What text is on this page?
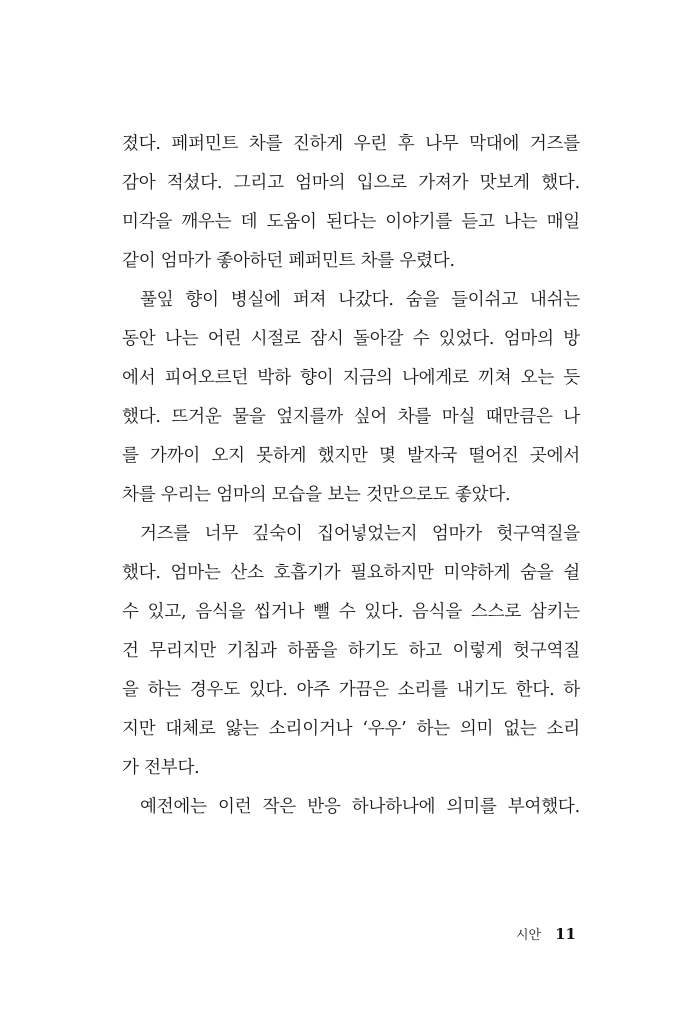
졌다. 페퍼민트 차를 진하게 우린 후 나무 막대에 거즈를
감아 적셨다. 그리고 엄마의 입으로 가져가 맛보게 했다.
미각을 깨우는 데 도움이 된다는 이야기를 듣고 나는 매일
같이 엄마가 좋아하던 페퍼민트 차를 우렸다.
풀잎 향이 병실에 퍼져 나갔다. 숨을 들이쉬고 내쉬는
동안 나는 어린 시절로 잠시 돌아갈 수 있었다. 엄마의 방
에서 피어오르던 박하 향이 지금의 나에게로 끼쳐 오는 듯
했다. 뜨거운 물을 엎지를까 싶어 차를 마실 때만큼은 나
를 가까이 오지 못하게 했지만 몇 발자국 떨어진 곳에서
차를 우리는 엄마의 모습을 보는 것만으로도 좋았다.
거즈를 너무 깊숙이 집어넣었는지 엄마가 헛구역질을
했다. 엄마는 산소 호흡기가 필요하지만 미약하게 숨을 쉴
수 있고, 음식을 씹거나 뺄 수 있다. 음식을 스스로 삼키는
건 무리지만 기침과 하품을 하기도 하고 이렇게 헛구역질
을 하는 경우도 있다. 아주 가끔은 소리를 내기도 한다. 하
지만 대체로 앓는 소리이거나 ‘우우’ 하는 의미 없는 소리
가 전부다.
예전에는 이런 작은 반응 하나하나에 의미를 부여했다.
시안 11
